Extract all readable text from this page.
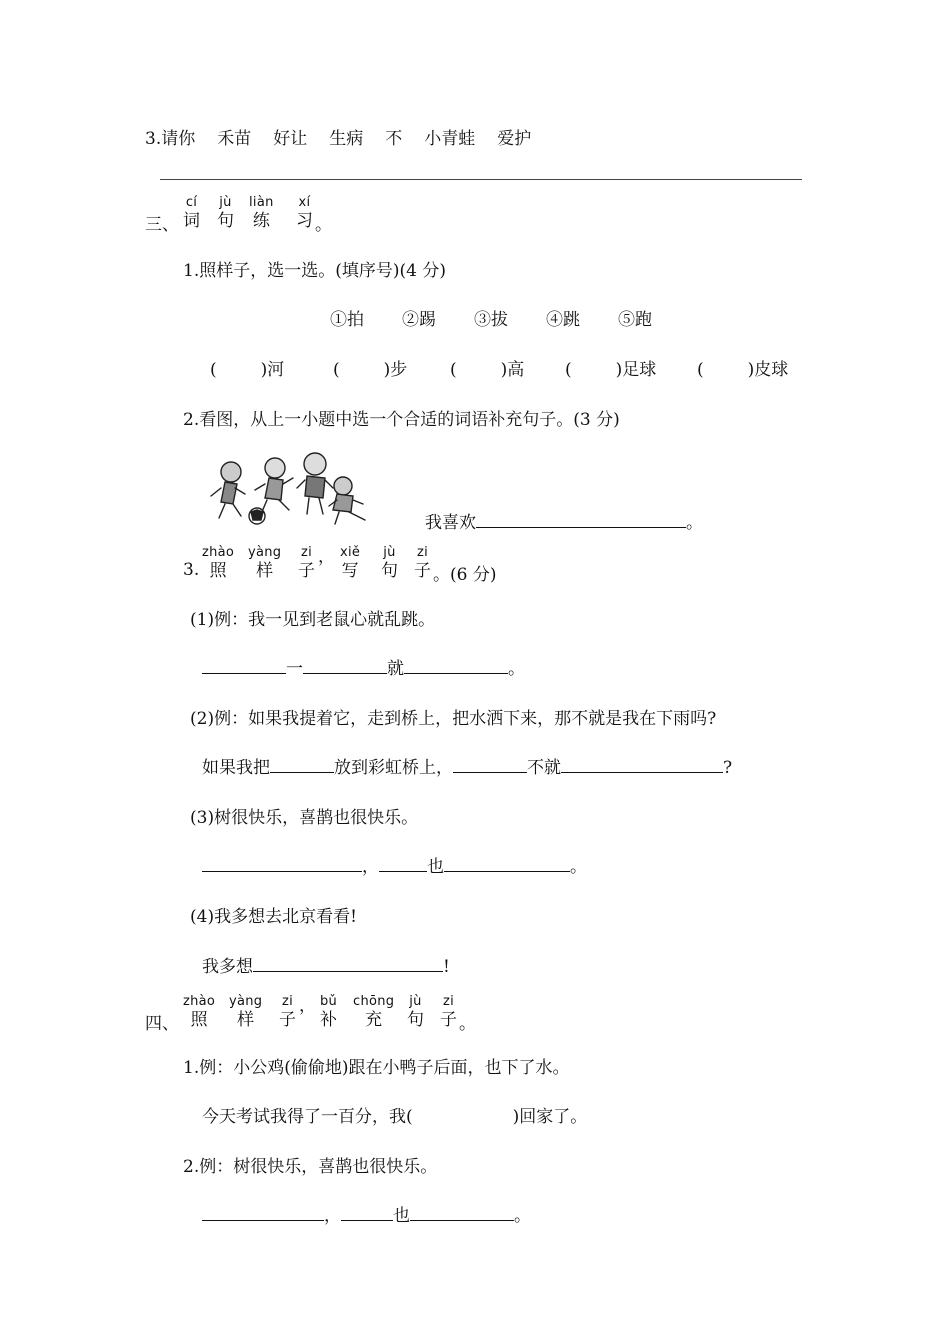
3.请你 禾苗 好让 生病 不 小青蛙 爱护
三、
cí
词
jù
句
liàn
练
xí
习 。
1.照样子，选一选。(填序号)(4 分)
①拍 ②踢 ③拔 ④跳 ⑤跑
(	)河	(	)步	(	)高 (	)足球 (	)皮球
2.看图，从上一小题中选一个合适的词语补充句子。(3 分)
我喜欢	。
3.
zhào
照
yàng
样
zi
子
， xiě
写
jù
句
zi
子 。(6 分)
(1)例：我一见到老鼠心就乱跳。
一	就	。
(2)例：如果我提着它，走到桥上，把水洒下来，那不就是我在下雨吗?
如果我把	放到彩虹桥上，	不就	?
(3)树很快乐，喜鹊也很快乐。
，	也	。
(4)我多想去北京看看!
我多想	!
四、
zhào
照
yàng
样
zi
子
， bǔ
补
chōng
充
jù
句
zi
子 。
1.例：小公鸡(偷偷地)跟在小鸭子后面，也下了水。
今天考试我得了一百分，我(	)回家了。
2.例：树很快乐，喜鹊也很快乐。
，	也	。
